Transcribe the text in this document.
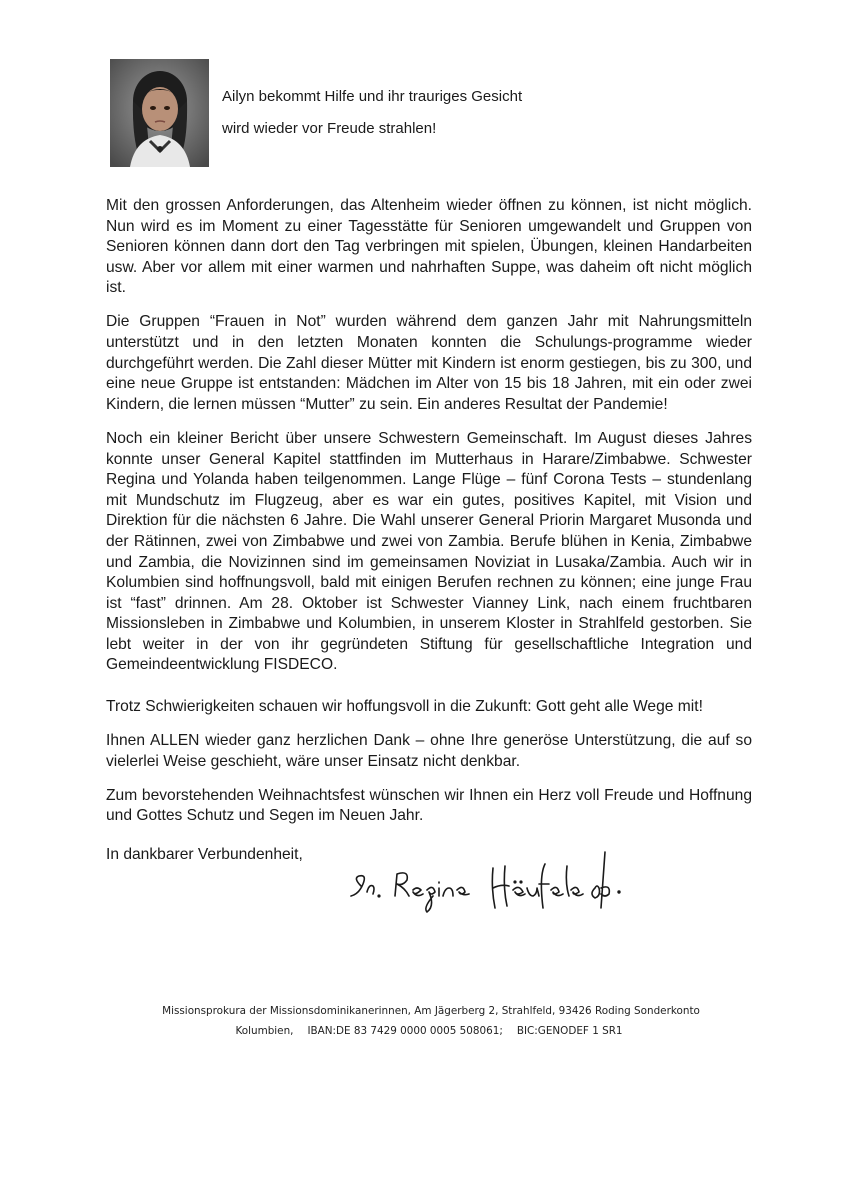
Ailyn bekommt Hilfe und ihr trauriges Gesicht
wird wieder vor Freude strahlen!

Mit den grossen Anforderungen, das Altenheim wieder öffnen zu können, ist nicht möglich. Nun wird es im Moment zu einer Tagesstätte für Senioren umgewandelt und Gruppen von Senioren können dann dort den Tag verbringen mit spielen, Übungen, kleinen Handarbeiten usw. Aber vor allem mit einer warmen und nahrhaften Suppe, was daheim oft nicht möglich ist.

Die Gruppen “Frauen in Not” wurden während dem ganzen Jahr mit Nahrungsmitteln unterstützt und in den letzten Monaten konnten die Schulungs-programme wieder durchgeführt werden. Die Zahl dieser Mütter mit Kindern ist enorm gestiegen, bis zu 300, und eine neue Gruppe ist entstanden: Mädchen im Alter von 15 bis 18 Jahren, mit ein oder zwei Kindern, die lernen müssen “Mutter” zu sein. Ein anderes Resultat der Pandemie!

Noch ein kleiner Bericht über unsere Schwestern Gemeinschaft. Im August dieses Jahres konnte unser General Kapitel stattfinden im Mutterhaus in Harare/Zimbabwe. Schwester Regina und Yolanda haben teilgenommen. Lange Flüge – fünf Corona Tests – stundenlang mit Mundschutz im Flugzeug, aber es war ein gutes, positives Kapitel, mit Vision und Direktion für die nächsten 6 Jahre. Die Wahl unserer General Priorin Margaret Musonda und der Rätinnen, zwei von Zimbabwe und zwei von Zambia. Berufe blühen in Kenia, Zimbabwe und Zambia, die Novizinnen sind im gemeinsamen Noviziat in Lusaka/Zambia. Auch wir in Kolumbien sind hoffnungsvoll, bald mit einigen Berufen rechnen zu können; eine junge Frau ist “fast” drinnen. Am 28. Oktober ist Schwester Vianney Link, nach einem fruchtbaren Missionsleben in Zimbabwe und Kolumbien, in unserem Kloster in Strahlfeld gestorben. Sie lebt weiter in der von ihr gegründeten Stiftung für gesellschaftliche Integration und Gemeindeentwicklung FISDECO.

Trotz Schwierigkeiten schauen wir hoffungsvoll in die Zukunft: Gott geht alle Wege mit!

Ihnen ALLEN wieder ganz herzlichen Dank – ohne Ihre generöse Unterstützung, die auf so vielerlei Weise geschieht, wäre unser Einsatz nicht denkbar.

Zum bevorstehenden Weihnachtsfest wünschen wir Ihnen ein Herz voll Freude und Hoffnung und Gottes Schutz und Segen im Neuen Jahr.

In dankbarer Verbundenheit,
Missionsprokura der Missionsdominikanerinnen, Am Jägerberg 2, Strahlfeld, 93426 Roding Sonderkonto
Kolumbien, IBAN:DE 83 7429 0000 0005 508061; BIC:GENODEF 1 SR1
